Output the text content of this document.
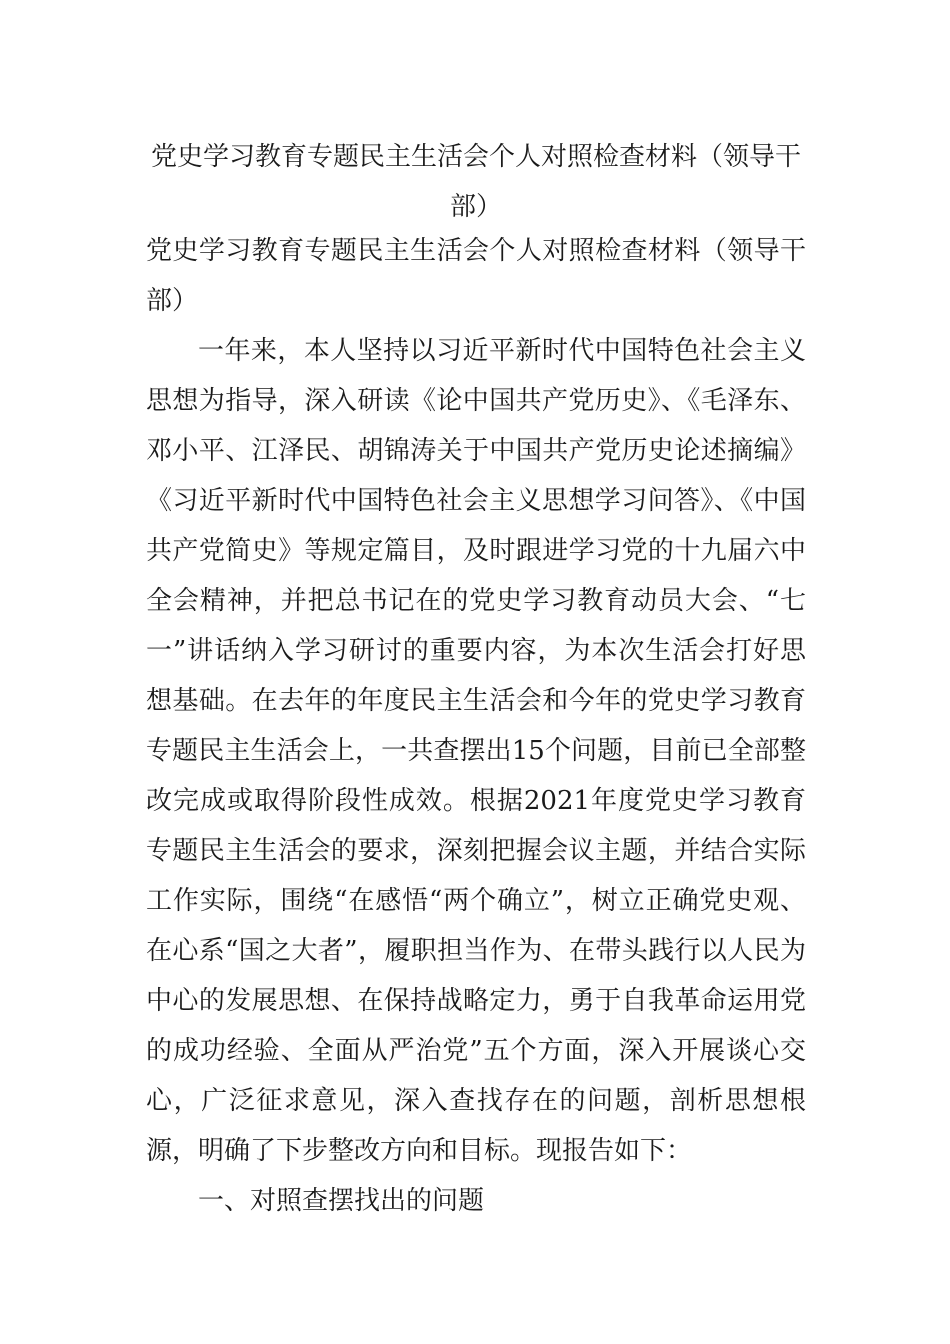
党史学习教育专题民主生活会个人对照检查材料（领导干部）

党史学习教育专题民主生活会个人对照检查材料（领导干部）

一年来，本人坚持以习近平新时代中国特色社会主义思想为指导，深入研读《论中国共产党历史》、《毛泽东、邓小平、江泽民、胡锦涛关于中国共产党历史论述摘编》《习近平新时代中国特色社会主义思想学习问答》、《中国共产党简史》等规定篇目，及时跟进学习党的十九届六中全会精神，并把总书记在的党史学习教育动员大会、“七一”讲话纳入学习研讨的重要内容，为本次生活会打好思想基础。在去年的年度民主生活会和今年的党史学习教育专题民主生活会上，一共查摆出15个问题，目前已全部整改完成或取得阶段性成效。根据2021年度党史学习教育专题民主生活会的要求，深刻把握会议主题，并结合实际工作实际，围绕“在感悟“两个确立”，树立正确党史观、在心系“国之大者”，履职担当作为、在带头践行以人民为中心的发展思想、在保持战略定力，勇于自我革命运用党的成功经验、全面从严治党”五个方面，深入开展谈心交心，广泛征求意见，深入查找存在的问题，剖析思想根源，明确了下步整改方向和目标。现报告如下：

一、对照查摆找出的问题
